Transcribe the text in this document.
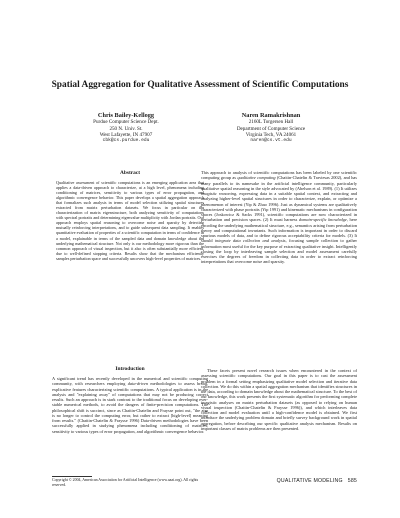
Spatial Aggregation for Qualitative Assessment of Scientific Computations
Chris Bailey-Kellogg
Purdue Computer Science Dept.
250 N. Univ. St.
West Lafayette, IN 47907
cbk@cs.purdue.edu
Naren Ramakrishnan
2160L Torgersen Hall
Department of Computer Science
Virginia Tech, VA 24061
naren@cs.vt.edu
Abstract
Qualitative assessment of scientific computations is an emerging application area that applies a data-driven approach to characterize, at a high level, phenomena including conditioning of matrices, sensitivity to various types of error propagation, and algorithmic convergence behavior. This paper develops a spatial aggregation approach that formalizes such analysis in terms of model selection utilizing spatial structures extracted from matrix perturbation datasets. We focus in particular on the characterization of matrix eigenstructure, both analyzing sensitivity of computations with spectral portraits and determining eigenvalue multiplicity with Jordan portraits. Our approach employs spatial reasoning to overcome noise and sparsity by detecting mutually reinforcing interpretations, and to guide subsequent data sampling. It enables quantitative evaluation of properties of a scientific computation in terms of confidence in a model, explainable in terms of the sampled data and domain knowledge about the underlying mathematical structure. Not only is our methodology more rigorous than the common approach of visual inspection, but it also is often substantially more efficient, due to well-defined stopping criteria. Results show that the mechanism efficiently samples perturbation space and successfully uncovers high-level properties of matrices.
Introduction
A significant trend has recently developed in the numerical and scientific computing community, with researchers employing data-driven methodologies to assess broad, explicative features characterizing scientific computations. A typical application is in the analysis and "explaining away" of computations that may not be producing correct results. Such an approach is in stark contrast to the traditional focus on developing ever-stable numerical methods, to avoid the dangers of finite-precision computations. The philosophical shift is succinct, since as Chaitin-Chatelin and Fraysse point out, "the aim is no longer to control the computing error, but rather to extract [high-level] meaning from results." (Chaitin-Chatelin & Fraysse 1996) Data-driven methodologies have been successfully applied in studying phenomena including conditioning of matrices, sensitivity to various types of error propagation, and algorithmic convergence behavior.
Copyright © 2004, American Association for Artificial Intelligence (www.aaai.org). All rights reserved.
This approach to analysis of scientific computations has been labeled by one scientific computing group as qualitative computing (Chaitin-Chatelin & Traviesas 2002), and has many parallels to its namesake in the artificial intelligence community, particularly qualitative spatial reasoning in the style advocated by (Abelson et al. 1989). (1) It utilizes imagistic reasoning, expressing data in a suitable spatial context, and extracting and analyzing higher-level spatial structures in order to characterize, explain, or optimize a phenomenon of interest (Yip & Zhao 1996). Just as dynamical systems are qualitatively characterized with phase portraits (Yip 1991) and kinematic mechanisms in configuration spaces (Joskowicz & Sacks 1991), scientific computations are now characterized in perturbation and precision spaces. (2) It must harness domain-specific knowledge, here encoding the underlying mathematical structure, e.g., semantics arising from perturbation theory and computational invariants. Such information is important in order to discard spurious models of data, and to define rigorous acceptability criteria for models. (3) It should integrate data collection and analysis, focusing sample collection to gather information most useful for the key purpose of extracting qualitative insight. Intelligently closing the loop by interleaving sample selection and model assessment carefully exercises the degrees of freedom in collecting data in order to extract reinforcing interpretations that overcome noise and sparsity.
These facets present novel research issues when encountered in the context of assessing scientific computations. Our goal in this paper is to cast the assessment problem in a formal setting emphasizing qualitative model selection and iterative data collection. We do this within a spatial aggregation mechanism that identifies structures in the data, according to domain knowledge about the mathematical structure. To the best of our knowledge, this work presents the first systematic algorithm for performing complete imagistic analyses on matrix perturbation datasets (as opposed to relying on human visual inspection (Chaitin-Chatelin & Fraysse 1996)), and which interleaves data collection and model evaluation until a high-confidence model is obtained. We first introduce the underlying problem domain and briefly survey background work in spatial aggregation, before describing our specific qualitative analysis mechanism. Results on important classes of matrix problems are then presented.
QUALITATIVE MODELING 585
